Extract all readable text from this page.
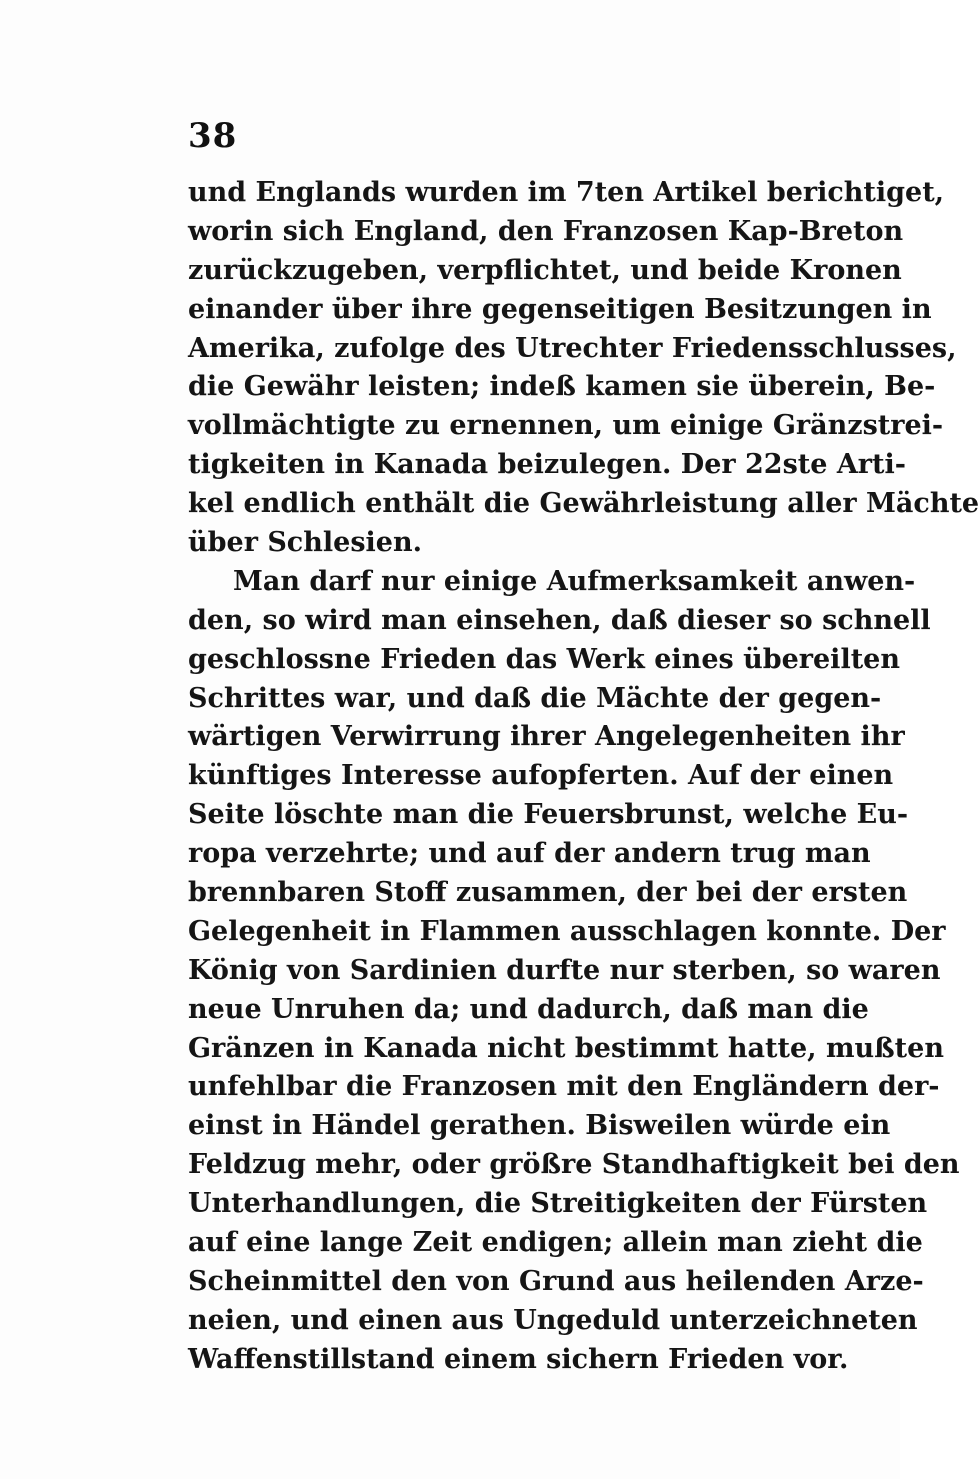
38
und Englands wurden im 7ten Artikel berichtiget,
worin sich England, den Franzosen Kap-Breton
zurückzugeben, verpflichtet, und beide Kronen
einander über ihre gegenseitigen Besitzungen in
Amerika, zufolge des Utrechter Friedensschlusses,
die Gewähr leisten; indeß kamen sie überein, Be-
vollmächtigte zu ernennen, um einige Gränzstrei-
tigkeiten in Kanada beizulegen. Der 22ste Arti-
kel endlich enthält die Gewährleistung aller Mächte
über Schlesien.
Man darf nur einige Aufmerksamkeit anwen-
den, so wird man einsehen, daß dieser so schnell
geschlossne Frieden das Werk eines übereilten
Schrittes war, und daß die Mächte der gegen-
wärtigen Verwirrung ihrer Angelegenheiten ihr
künftiges Interesse aufopferten. Auf der einen
Seite löschte man die Feuersbrunst, welche Eu-
ropa verzehrte; und auf der andern trug man
brennbaren Stoff zusammen, der bei der ersten
Gelegenheit in Flammen ausschlagen konnte. Der
König von Sardinien durfte nur sterben, so waren
neue Unruhen da; und dadurch, daß man die
Gränzen in Kanada nicht bestimmt hatte, mußten
unfehlbar die Franzosen mit den Engländern der-
einst in Händel gerathen. Bisweilen würde ein
Feldzug mehr, oder größre Standhaftigkeit bei den
Unterhandlungen, die Streitigkeiten der Fürsten
auf eine lange Zeit endigen; allein man zieht die
Scheinmittel den von Grund aus heilenden Arze-
neien, und einen aus Ungeduld unterzeichneten
Waffenstillstand einem sichern Frieden vor.
